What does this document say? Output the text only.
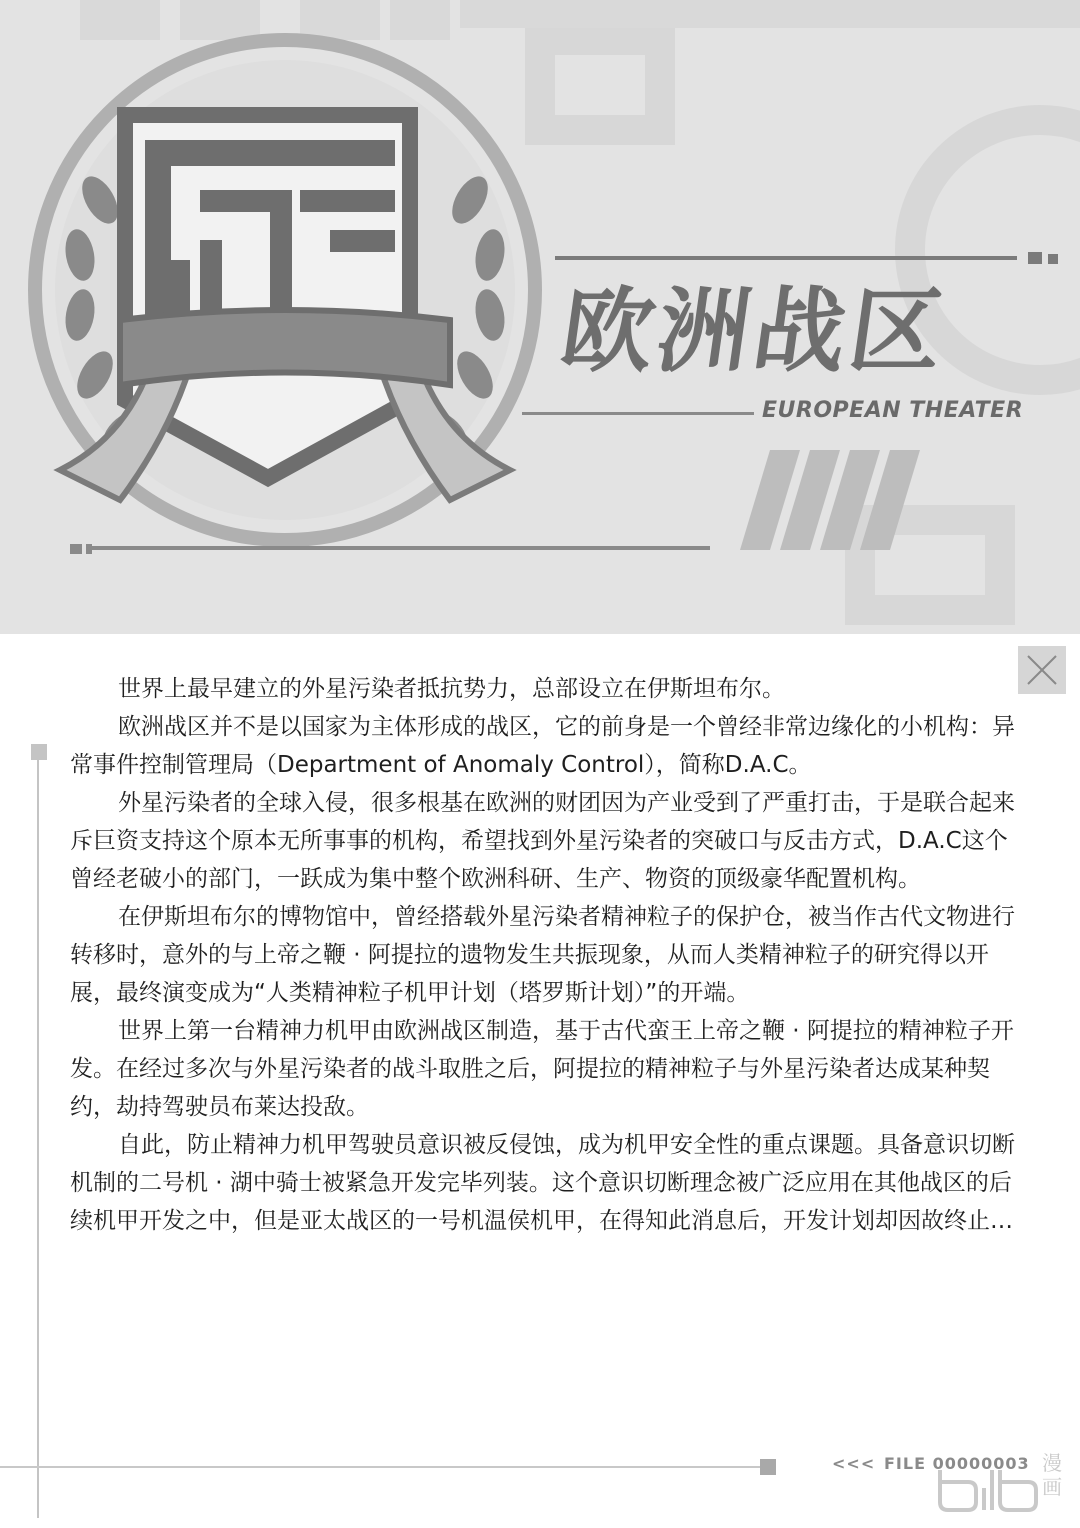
欧洲战区
EUROPEAN THEATER

世界上最早建立的外星污染者抵抗势力，总部设立在伊斯坦布尔。

欧洲战区并不是以国家为主体形成的战区，它的前身是一个曾经非常边缘化的小机构：异常事件控制管理局（Department of Anomaly Control），简称D.A.C。

外星污染者的全球入侵，很多根基在欧洲的财团因为产业受到了严重打击，于是联合起来斥巨资支持这个原本无所事事的机构，希望找到外星污染者的突破口与反击方式，D.A.C这个曾经老破小的部门，一跃成为集中整个欧洲科研、生产、物资的顶级豪华配置机构。

在伊斯坦布尔的博物馆中，曾经搭载外星污染者精神粒子的保护仓，被当作古代文物进行转移时，意外的与上帝之鞭 · 阿提拉的遗物发生共振现象，从而人类精神粒子的研究得以开展，最终演变成为“人类精神粒子机甲计划（塔罗斯计划）”的开端。

世界上第一台精神力机甲由欧洲战区制造，基于古代蛮王上帝之鞭 · 阿提拉的精神粒子开发。在经过多次与外星污染者的战斗取胜之后，阿提拉的精神粒子与外星污染者达成某种契约，劫持驾驶员布莱达投敌。

自此，防止精神力机甲驾驶员意识被反侵蚀，成为机甲安全性的重点课题。具备意识切断机制的二号机 · 湖中骑士被紧急开发完毕列装。这个意识切断理念被广泛应用在其他战区的后续机甲开发之中，但是亚太战区的一号机温侯机甲，在得知此消息后，开发计划却因故终止…

<<< FILE 00000003 漫画
